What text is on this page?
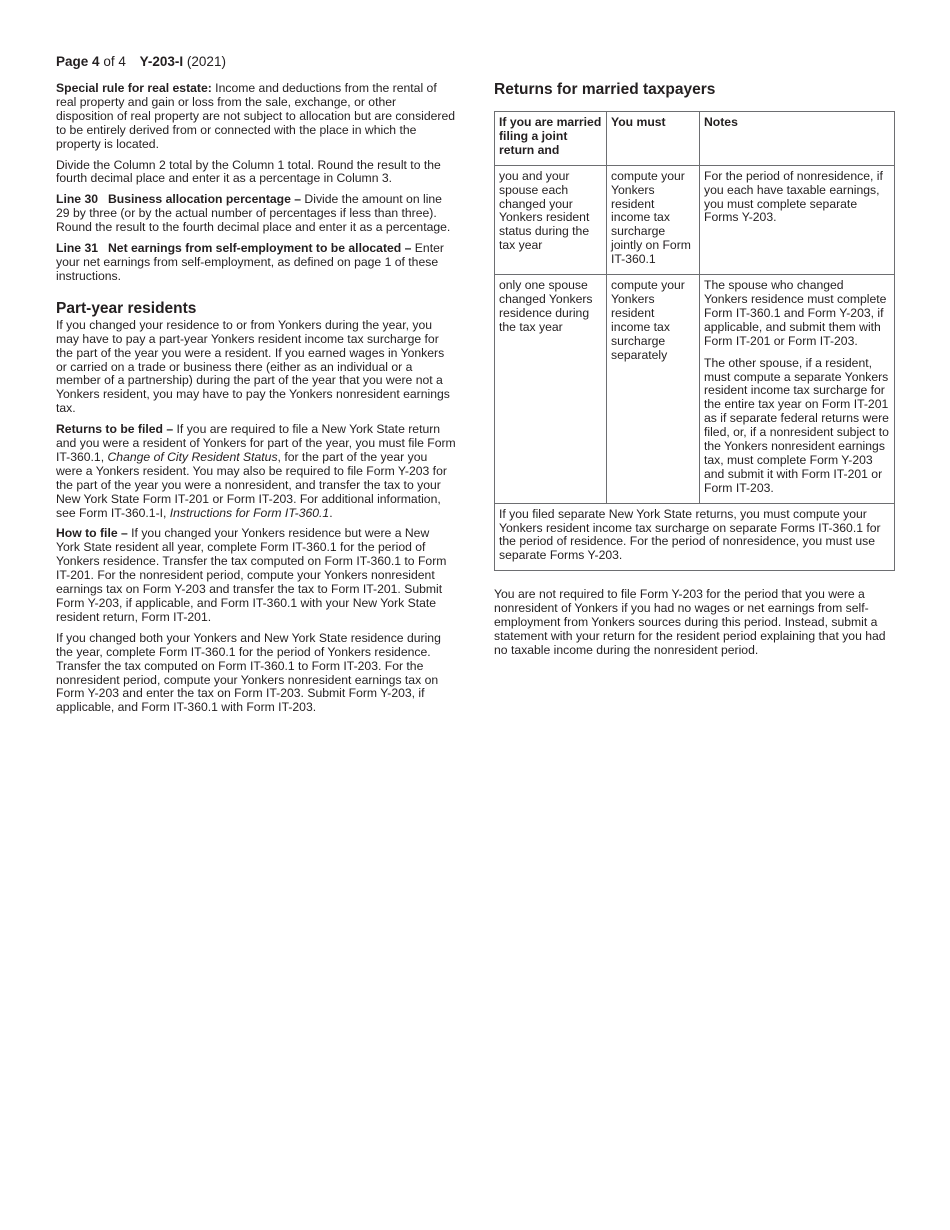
Page 4 of 4 Y-203-I (2021)

Special rule for real estate: Income and deductions from the rental of real property and gain or loss from the sale, exchange, or other disposition of real property are not subject to allocation but are considered to be entirely derived from or connected with the place in which the property is located.

Divide the Column 2 total by the Column 1 total. Round the result to the fourth decimal place and enter it as a percentage in Column 3.

Line 30 Business allocation percentage – Divide the amount on line 29 by three (or by the actual number of percentages if less than three). Round the result to the fourth decimal place and enter it as a percentage.

Line 31 Net earnings from self-employment to be allocated – Enter your net earnings from self-employment, as defined on page 1 of these instructions.

Part-year residents

If you changed your residence to or from Yonkers during the year, you may have to pay a part-year Yonkers resident income tax surcharge for the part of the year you were a resident. If you earned wages in Yonkers or carried on a trade or business there (either as an individual or a member of a partnership) during the part of the year that you were not a Yonkers resident, you may have to pay the Yonkers nonresident earnings tax.

Returns to be filed – If you are required to file a New York State return and you were a resident of Yonkers for part of the year, you must file Form IT-360.1, Change of City Resident Status, for the part of the year you were a Yonkers resident. You may also be required to file Form Y-203 for the part of the year you were a nonresident, and transfer the tax to your New York State Form IT-201 or Form IT-203. For additional information, see Form IT-360.1-I, Instructions for Form IT-360.1.

How to file – If you changed your Yonkers residence but were a New York State resident all year, complete Form IT-360.1 for the period of Yonkers residence. Transfer the tax computed on Form IT-360.1 to Form IT-201. For the nonresident period, compute your Yonkers nonresident earnings tax on Form Y-203 and transfer the tax to Form IT-201. Submit Form Y-203, if applicable, and Form IT-360.1 with your New York State resident return, Form IT-201.

If you changed both your Yonkers and New York State residence during the year, complete Form IT-360.1 for the period of Yonkers residence. Transfer the tax computed on Form IT-360.1 to Form IT-203. For the nonresident period, compute your Yonkers nonresident earnings tax on Form Y-203 and enter the tax on Form IT-203. Submit Form Y-203, if applicable, and Form IT-360.1 with Form IT-203.

Returns for married taxpayers
If you are married filing a joint return and	You must	Notes
you and your spouse each changed your Yonkers resident status during the tax year	compute your Yonkers resident income tax surcharge jointly on Form IT-360.1	For the period of nonresidence, if you each have taxable earnings, you must complete separate Forms Y-203.

only one spouse changed Yonkers residence during the tax year	compute your Yonkers resident income tax surcharge separately	The spouse who changed Yonkers residence must complete Form IT-360.1 and Form Y-203, if applicable, and submit them with Form IT-201 or Form IT-203.

The other spouse, if a resident, must compute a separate Yonkers resident income tax surcharge for the entire tax year on Form IT-201 as if separate federal returns were filed, or, if a nonresident subject to the Yonkers nonresident earnings tax, must complete Form Y-203 and submit it with Form IT-201 or Form IT-203.

If you filed separate New York State returns, you must compute your Yonkers resident income tax surcharge on separate Forms IT-360.1 for the period of residence. For the period of nonresidence, you must use separate Forms Y-203.		

You are not required to file Form Y-203 for the period that you were a nonresident of Yonkers if you had no wages or net earnings from self-employment from Yonkers sources during this period. Instead, submit a statement with your return for the resident period explaining that you had no taxable income during the nonresident period.
